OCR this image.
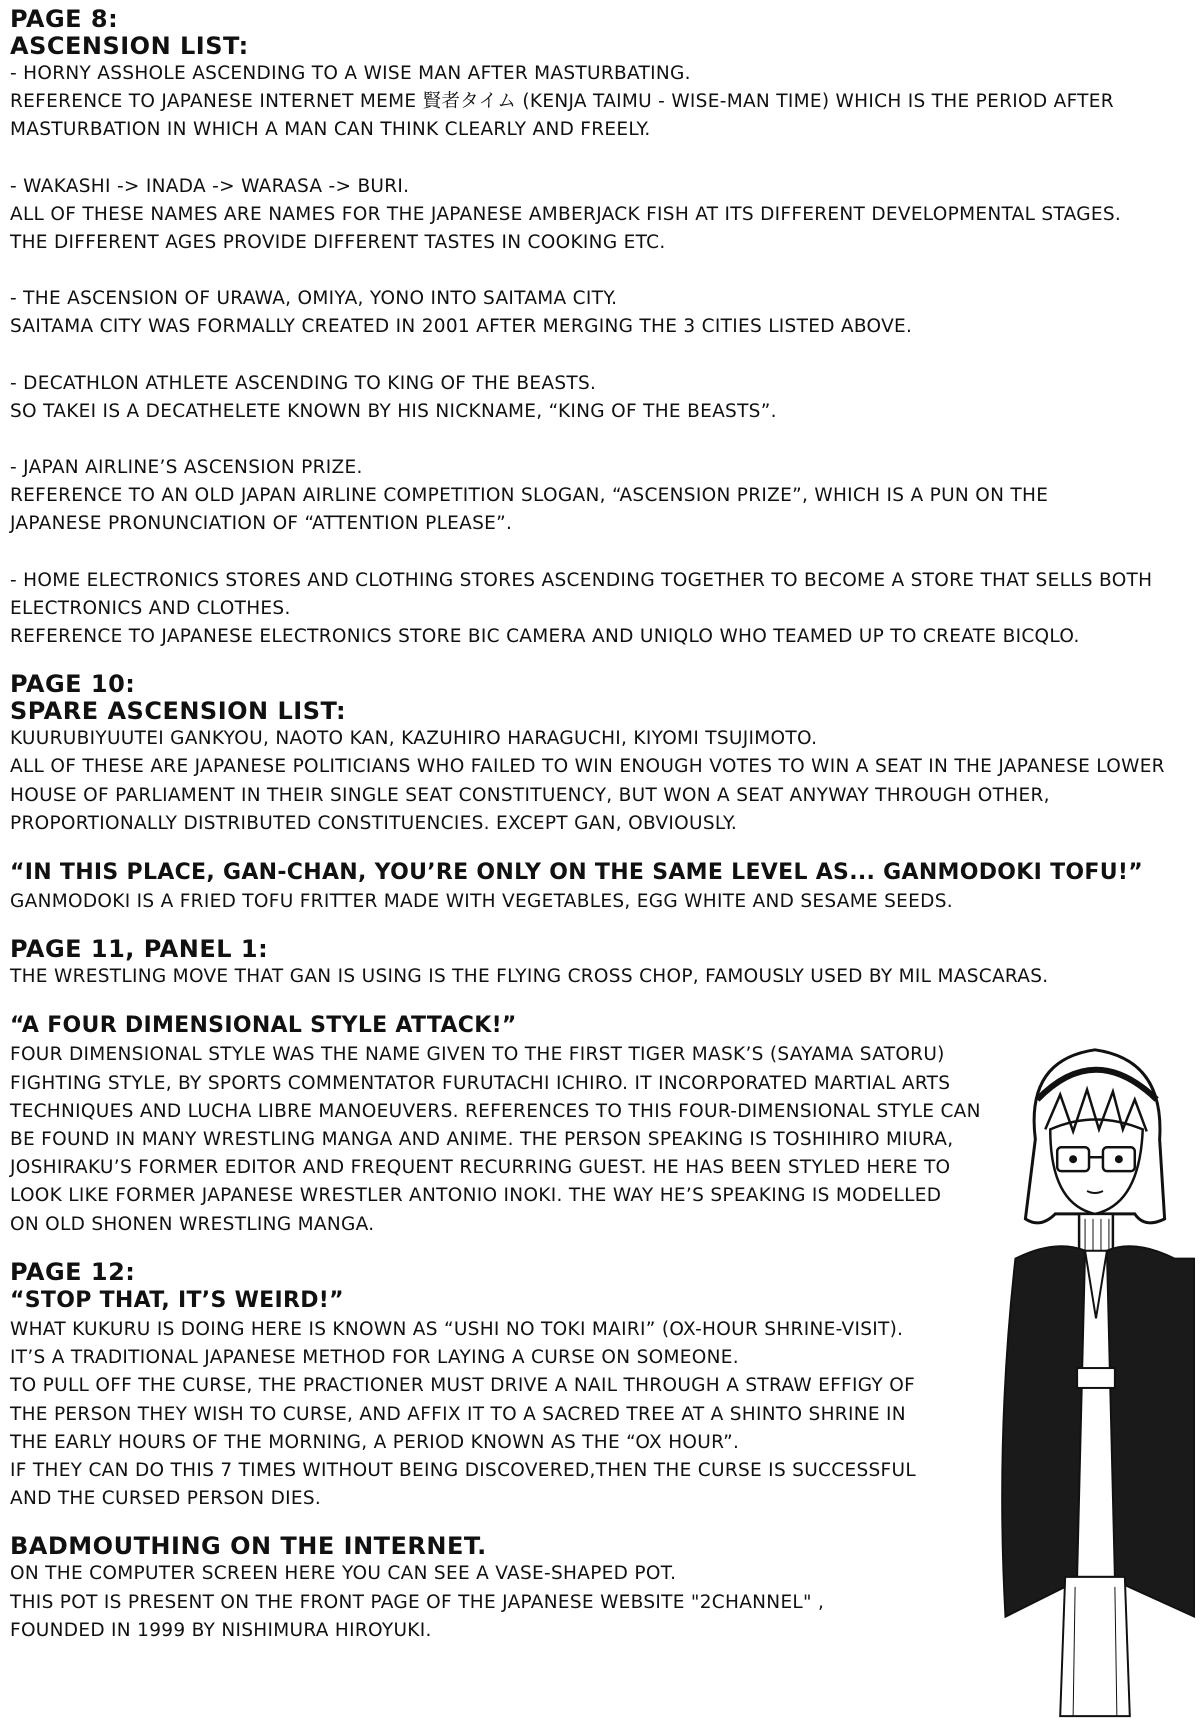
PAGE 8:
ASCENSION LIST:
- HORNY ASSHOLE ASCENDING TO A WISE MAN AFTER MASTURBATING.
REFERENCE TO JAPANESE INTERNET MEME 賢者タイム (KENJA TAIMU - WISE-MAN TIME) WHICH IS THE PERIOD AFTER
MASTURBATION IN WHICH A MAN CAN THINK CLEARLY AND FREELY.
- WAKASHI -> INADA -> WARASA -> BURI.
ALL OF THESE NAMES ARE NAMES FOR THE JAPANESE AMBERJACK FISH AT ITS DIFFERENT DEVELOPMENTAL STAGES.
THE DIFFERENT AGES PROVIDE DIFFERENT TASTES IN COOKING ETC.
- THE ASCENSION OF URAWA, OMIYA, YONO INTO SAITAMA CITY.
SAITAMA CITY WAS FORMALLY CREATED IN 2001 AFTER MERGING THE 3 CITIES LISTED ABOVE.
- DECATHLON ATHLETE ASCENDING TO KING OF THE BEASTS.
SO TAKEI IS A DECATHELETE KNOWN BY HIS NICKNAME, “KING OF THE BEASTS”.
- JAPAN AIRLINE’S ASCENSION PRIZE.
REFERENCE TO AN OLD JAPAN AIRLINE COMPETITION SLOGAN, “ASCENSION PRIZE”, WHICH IS A PUN ON THE
JAPANESE PRONUNCIATION OF “ATTENTION PLEASE”.
- HOME ELECTRONICS STORES AND CLOTHING STORES ASCENDING TOGETHER TO BECOME A STORE THAT SELLS BOTH
ELECTRONICS AND CLOTHES.
REFERENCE TO JAPANESE ELECTRONICS STORE BIC CAMERA AND UNIQLO WHO TEAMED UP TO CREATE BICQLO.
PAGE 10:
SPARE ASCENSION LIST:
KUURUBIYUUTEI GANKYOU, NAOTO KAN, KAZUHIRO HARAGUCHI, KIYOMI TSUJIMOTO.
ALL OF THESE ARE JAPANESE POLITICIANS WHO FAILED TO WIN ENOUGH VOTES TO WIN A SEAT IN THE JAPANESE LOWER
HOUSE OF PARLIAMENT IN THEIR SINGLE SEAT CONSTITUENCY, BUT WON A SEAT ANYWAY THROUGH OTHER,
PROPORTIONALLY DISTRIBUTED CONSTITUENCIES. EXCEPT GAN, OBVIOUSLY.
“IN THIS PLACE, GAN-CHAN, YOU’RE ONLY ON THE SAME LEVEL AS... GANMODOKI TOFU!”
GANMODOKI IS A FRIED TOFU FRITTER MADE WITH VEGETABLES, EGG WHITE AND SESAME SEEDS.
PAGE 11, PANEL 1:
THE WRESTLING MOVE THAT GAN IS USING IS THE FLYING CROSS CHOP, FAMOUSLY USED BY MIL MASCARAS.
“A FOUR DIMENSIONAL STYLE ATTACK!”
FOUR DIMENSIONAL STYLE WAS THE NAME GIVEN TO THE FIRST TIGER MASK’S (SAYAMA SATORU)
FIGHTING STYLE, BY SPORTS COMMENTATOR FURUTACHI ICHIRO. IT INCORPORATED MARTIAL ARTS
TECHNIQUES AND LUCHA LIBRE MANOEUVERS. REFERENCES TO THIS FOUR-DIMENSIONAL STYLE CAN
BE FOUND IN MANY WRESTLING MANGA AND ANIME. THE PERSON SPEAKING IS TOSHIHIRO MIURA,
JOSHIRAKU’S FORMER EDITOR AND FREQUENT RECURRING GUEST. HE HAS BEEN STYLED HERE TO
LOOK LIKE FORMER JAPANESE WRESTLER ANTONIO INOKI. THE WAY HE’S SPEAKING IS MODELLED
ON OLD SHONEN WRESTLING MANGA.
PAGE 12:
“STOP THAT, IT’S WEIRD!”
WHAT KUKURU IS DOING HERE IS KNOWN AS “USHI NO TOKI MAIRI” (OX-HOUR SHRINE-VISIT).
IT’S A TRADITIONAL JAPANESE METHOD FOR LAYING A CURSE ON SOMEONE.
TO PULL OFF THE CURSE, THE PRACTIONER MUST DRIVE A NAIL THROUGH A STRAW EFFIGY OF
THE PERSON THEY WISH TO CURSE, AND AFFIX IT TO A SACRED TREE AT A SHINTO SHRINE IN
THE EARLY HOURS OF THE MORNING, A PERIOD KNOWN AS THE “OX HOUR”.
IF THEY CAN DO THIS 7 TIMES WITHOUT BEING DISCOVERED,THEN THE CURSE IS SUCCESSFUL
AND THE CURSED PERSON DIES.
BADMOUTHING ON THE INTERNET.
ON THE COMPUTER SCREEN HERE YOU CAN SEE A VASE-SHAPED POT.
THIS POT IS PRESENT ON THE FRONT PAGE OF THE JAPANESE WEBSITE "2CHANNEL" ,
FOUNDED IN 1999 BY NISHIMURA HIROYUKI.
